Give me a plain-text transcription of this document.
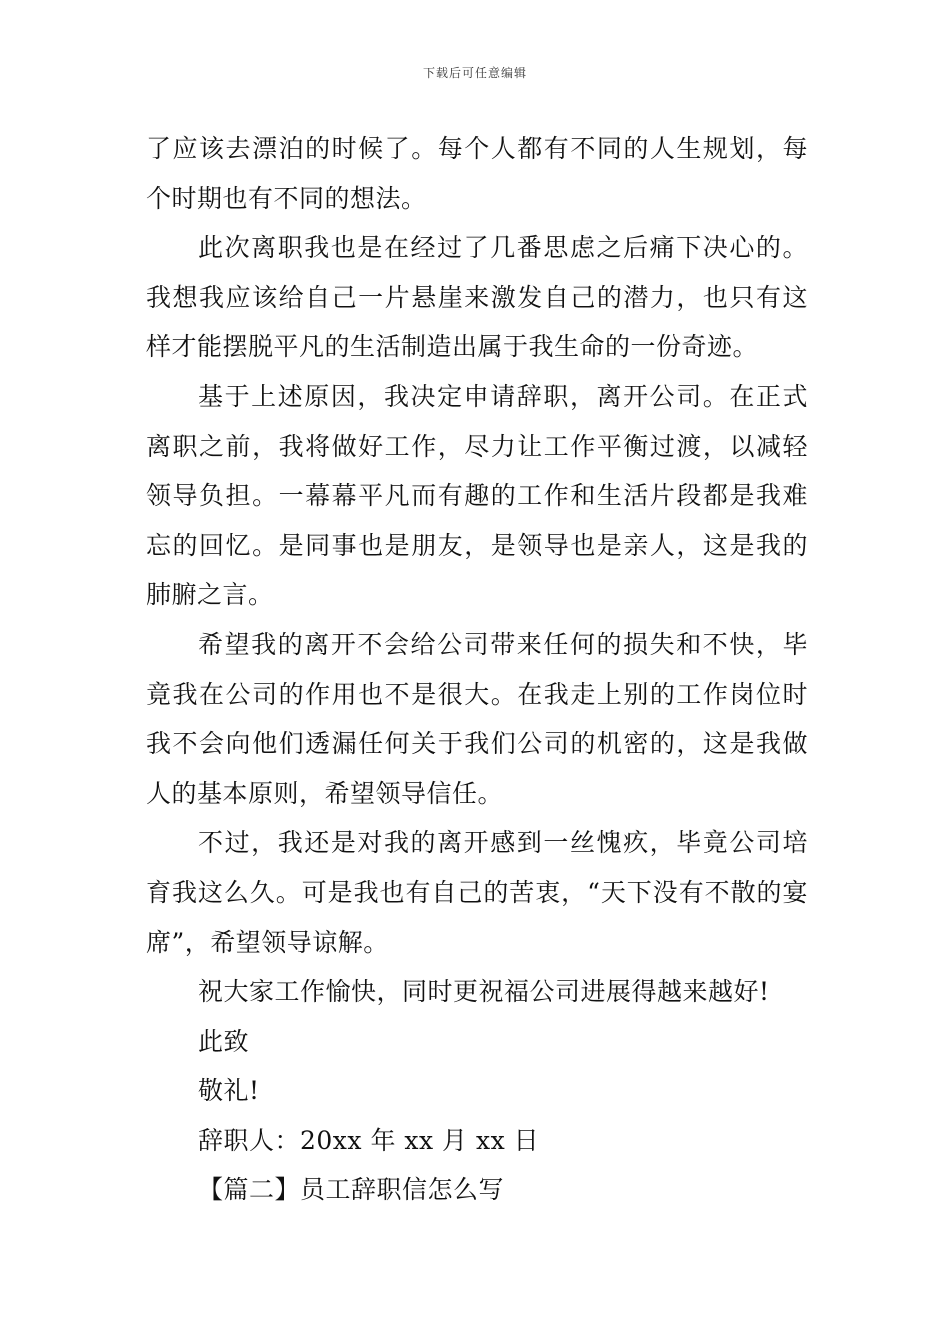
下载后可任意编辑

了应该去漂泊的时候了。每个人都有不同的人生规划，每个时期也有不同的想法。

此次离职我也是在经过了几番思虑之后痛下决心的。我想我应该给自己一片悬崖来激发自己的潜力，也只有这样才能摆脱平凡的生活制造出属于我生命的一份奇迹。

基于上述原因，我决定申请辞职，离开公司。在正式离职之前，我将做好工作，尽力让工作平衡过渡，以减轻领导负担。一幕幕平凡而有趣的工作和生活片段都是我难忘的回忆。是同事也是朋友，是领导也是亲人，这是我的肺腑之言。

希望我的离开不会给公司带来任何的损失和不快，毕竟我在公司的作用也不是很大。在我走上别的工作岗位时我不会向他们透漏任何关于我们公司的机密的，这是我做人的基本原则，希望领导信任。

不过，我还是对我的离开感到一丝愧疚，毕竟公司培育我这么久。可是我也有自己的苦衷，“天下没有不散的宴席”，希望领导谅解。

祝大家工作愉快，同时更祝福公司进展得越来越好!

此致

敬礼!

辞职人：20xx 年 xx 月 xx 日

【篇二】员工辞职信怎么写
